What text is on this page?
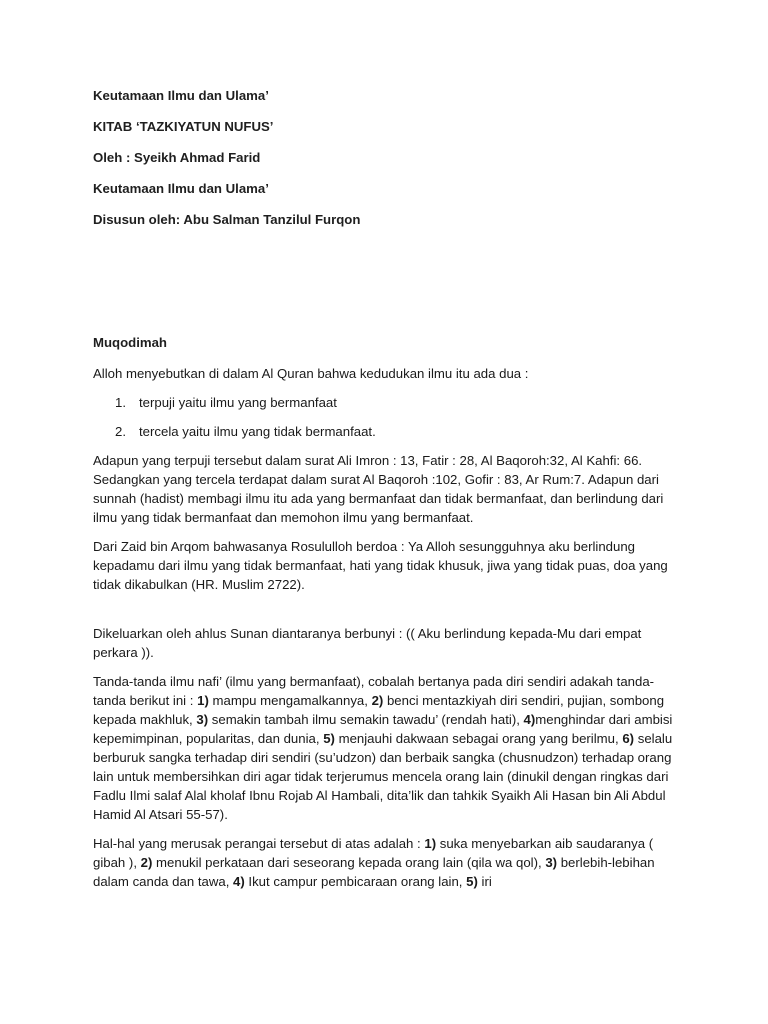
Keutamaan Ilmu dan Ulama’
KITAB ‘TAZKIYATUN NUFUS’
Oleh : Syeikh Ahmad Farid
Keutamaan Ilmu dan Ulama’
Disusun oleh: Abu Salman Tanzilul Furqon
Muqodimah

Alloh menyebutkan di dalam Al Quran bahwa kedudukan ilmu itu ada dua :

1. terpuji yaitu ilmu yang bermanfaat
2. tercela yaitu ilmu yang tidak bermanfaat.

Adapun yang terpuji tersebut dalam surat Ali Imron : 13, Fatir : 28, Al Baqoroh:32, Al Kahfi: 66. Sedangkan yang tercela terdapat dalam surat Al Baqoroh :102, Gofir : 83, Ar Rum:7. Adapun dari sunnah (hadist) membagi ilmu itu ada yang bermanfaat dan tidak bermanfaat, dan berlindung dari ilmu yang tidak bermanfaat dan memohon ilmu yang bermanfaat.

Dari Zaid bin Arqom bahwasanya Rosululloh berdoa : Ya Alloh sesungguhnya aku berlindung kepadamu dari ilmu yang tidak bermanfaat, hati yang tidak khusuk, jiwa yang tidak puas, doa yang tidak dikabulkan (HR. Muslim 2722).

Dikeluarkan oleh ahlus Sunan diantaranya berbunyi : (( Aku berlindung kepada-Mu dari empat perkara )).

Tanda-tanda ilmu nafi’ (ilmu yang bermanfaat), cobalah bertanya pada diri sendiri adakah tanda-tanda berikut ini : 1) mampu mengamalkannya, 2) benci mentazkiyah diri sendiri, pujian, sombong kepada makhluk, 3) semakin tambah ilmu semakin tawadu’ (rendah hati), 4)menghindar dari ambisi kepemimpinan, popularitas, dan dunia, 5) menjauhi dakwaan sebagai orang yang berilmu, 6) selalu berburuk sangka terhadap diri sendiri (su’udzon) dan berbaik sangka (chusnudzon) terhadap orang lain untuk membersihkan diri agar tidak terjerumus mencela orang lain (dinukil dengan ringkas dari Fadlu Ilmi salaf Alal kholaf Ibnu Rojab Al Hambali, dita’lik dan tahkik Syaikh Ali Hasan bin Ali Abdul Hamid Al Atsari 55-57).

Hal-hal yang merusak perangai tersebut di atas adalah : 1) suka menyebarkan aib saudaranya ( gibah ), 2) menukil perkataan dari seseorang kepada orang lain (qila wa qol), 3) berlebih-lebihan dalam canda dan tawa, 4) Ikut campur pembicaraan orang lain, 5) iri
